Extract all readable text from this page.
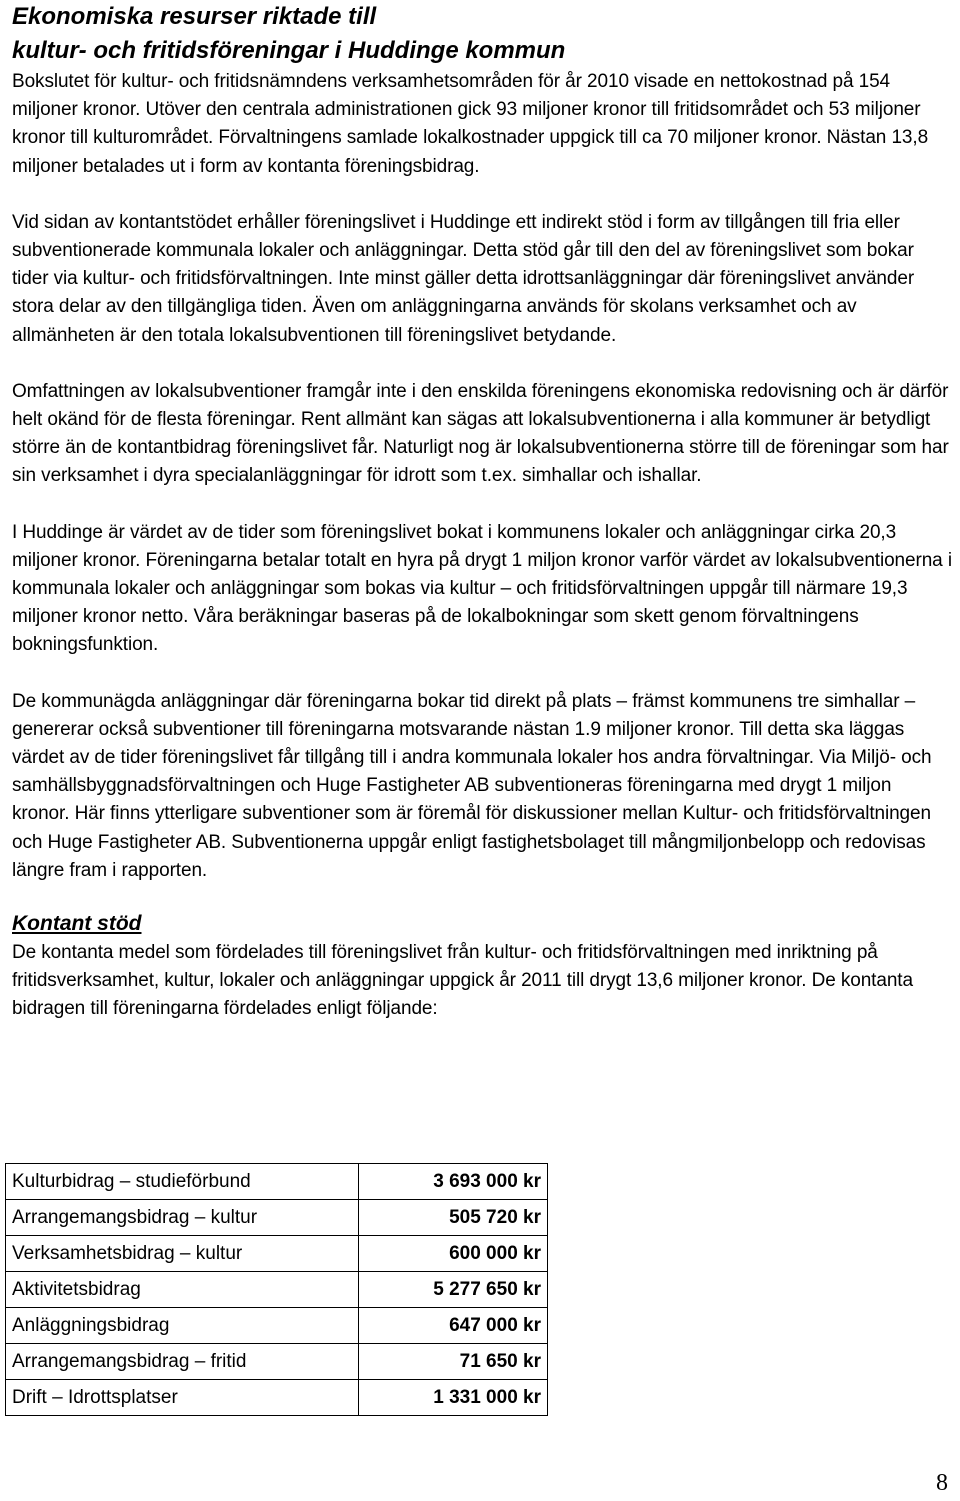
Ekonomiska resurser riktade till
kultur- och fritidsföreningar i Huddinge kommun

Bokslutet för kultur- och fritidsnämndens verksamhetsområden för år 2010 visade en nettokostnad på 154 miljoner kronor. Utöver den centrala administrationen gick 93 miljoner kronor till fritidsområdet och 53 miljoner kronor till kulturområdet. Förvaltningens samlade lokalkostnader uppgick till ca 70 miljoner kronor. Nästan 13,8 miljoner betalades ut i form av kontanta föreningsbidrag.

Vid sidan av kontantstödet erhåller föreningslivet i Huddinge ett indirekt stöd i form av tillgången till fria eller subventionerade kommunala lokaler och anläggningar. Detta stöd går till den del av föreningslivet som bokar tider via kultur- och fritidsförvaltningen. Inte minst gäller detta idrottsanläggningar där föreningslivet använder stora delar av den tillgängliga tiden. Även om anläggningarna används för skolans verksamhet och av allmänheten är den totala lokalsubventionen till föreningslivet betydande.

Omfattningen av lokalsubventioner framgår inte i den enskilda föreningens ekonomiska redovisning och är därför helt okänd för de flesta föreningar. Rent allmänt kan sägas att lokalsubventionerna i alla kommuner är betydligt större än de kontantbidrag föreningslivet får. Naturligt nog är lokalsubventionerna större till de föreningar som har sin verksamhet i dyra specialanläggningar för idrott som t.ex. simhallar och ishallar.

I Huddinge är värdet av de tider som föreningslivet bokat i kommunens lokaler och anläggningar cirka 20,3 miljoner kronor. Föreningarna betalar totalt en hyra på drygt 1 miljon kronor varför värdet av lokalsubventionerna i kommunala lokaler och anläggningar som bokas via kultur – och fritidsförvaltningen uppgår till närmare 19,3 miljoner kronor netto. Våra beräkningar baseras på de lokalbokningar som skett genom förvaltningens bokningsfunktion.

De kommunägda anläggningar där föreningarna bokar tid direkt på plats – främst kommunens tre simhallar – genererar också subventioner till föreningarna motsvarande nästan 1.9 miljoner kronor. Till detta ska läggas värdet av de tider föreningslivet får tillgång till i andra kommunala lokaler hos andra förvaltningar. Via Miljö- och samhällsbyggnadsförvaltningen och Huge Fastigheter AB subventioneras föreningarna med drygt 1 miljon kronor. Här finns ytterligare subventioner som är föremål för diskussioner mellan Kultur- och fritidsförvaltningen och Huge Fastigheter AB. Subventionerna uppgår enligt fastighetsbolaget till mångmiljonbelopp och redovisas längre fram i rapporten.

Kontant stöd

De kontanta medel som fördelades till föreningslivet från kultur- och fritidsförvaltningen med inriktning på fritidsverksamhet, kultur, lokaler och anläggningar uppgick år 2011 till drygt 13,6 miljoner kronor. De kontanta bidragen till föreningarna fördelades enligt följande:

Kulturbidrag – studieförbund	3 693 000 kr
Arrangemangsbidrag – kultur	505 720 kr
Verksamhetsbidrag – kultur	600 000 kr
Aktivitetsbidrag	5 277 650 kr
Anläggningsbidrag	647 000 kr
Arrangemangsbidrag – fritid	71 650 kr
Drift – Idrottsplatser	1 331 000 kr
8
